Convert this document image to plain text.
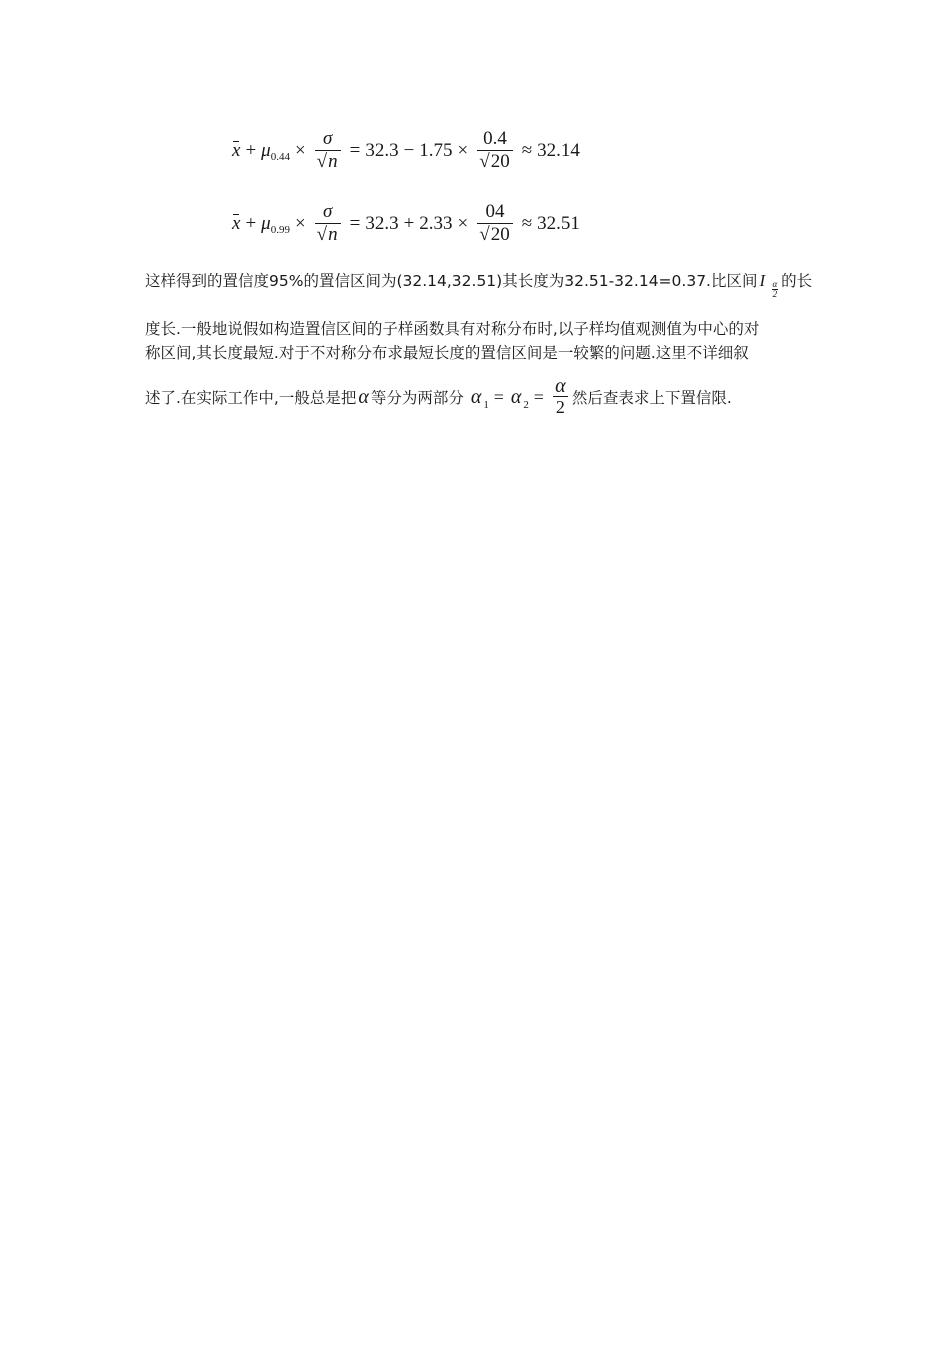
x + μ $0.44 \times \frac{\sigma}{√n} = 32.3 - 1.75 \times \frac{0.4}{√20} \approx 32.14$
x + μ $0.99 \times \frac{\sigma}{√n} = 32.3 + 2.33 \times \frac{04}{√20} \approx 32.51$
这样得到的置信度95%的置信区间为(32.14,32.51)其长度为32.51-32.14=0.37.比区间 I α
2
的长
度长.一般地说假如构造置信区间的子样函数具有对称分布时,以子样均值观测值为中心的对
称区间,其长度最短.对于不对称分布求最短长度的置信区间是一较繁的问题.这里不详细叙
述了.在实际工作中,一般总是把 α 等分为两部分 α $_1$ = α $_2 = \frac{\alpha}{2}$ 然后查表求上下置信限.
